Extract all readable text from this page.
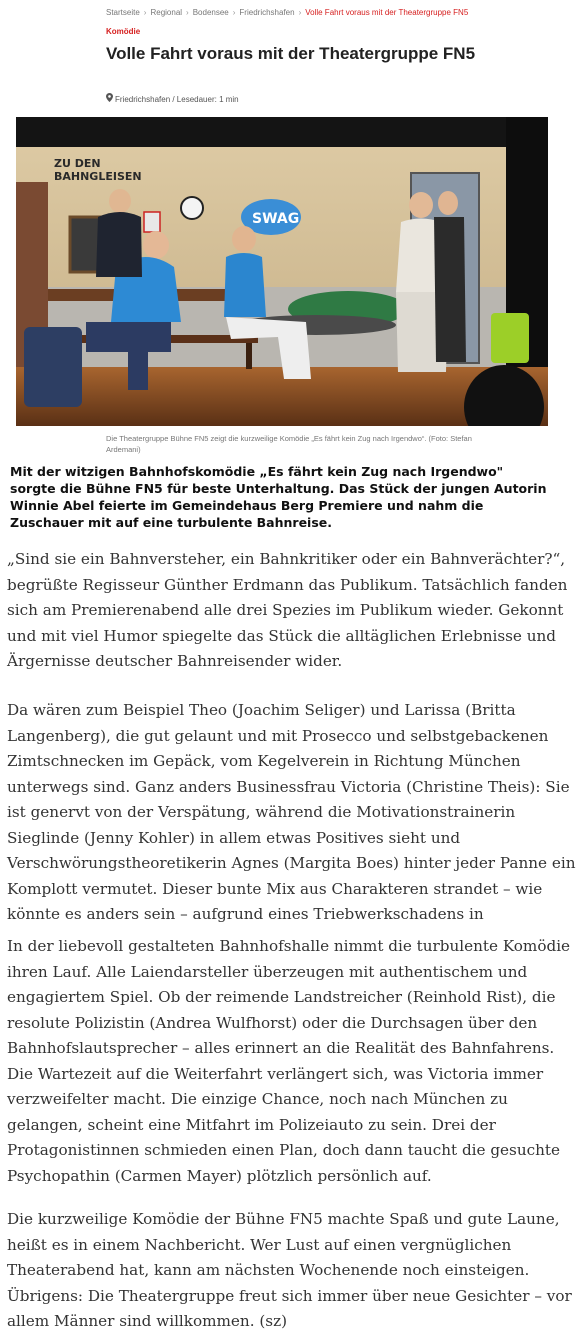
Startseite › Regional › Bodensee › Friedrichshafen › Volle Fahrt voraus mit der Theatergruppe FN5
Komödie
Volle Fahrt voraus mit der Theatergruppe FN5
Friedrichshafen / Lesedauer: 1 min
ZU DEN BAHNGLEISEN
SWAG
Die Theatergruppe Bühne FN5 zeigt die kurzweilige Komödie „Es fährt kein Zug nach Irgendwo“. (Foto: Stefan Ardemani)

Mit der witzigen Bahnhofskomödie „Es fährt kein Zug nach Irgendwo" sorgte die Bühne FN5 für beste Unterhaltung. Das Stück der jungen Autorin Winnie Abel feierte im Gemeindehaus Berg Premiere und nahm die Zuschauer mit auf eine turbulente Bahnreise.

„Sind sie ein Bahnversteher, ein Bahnkritiker oder ein Bahnverächter?“, begrüßte Regisseur Günther Erdmann das Publikum. Tatsächlich fanden sich am Premierenabend alle drei Spezies im Publikum wieder. Gekonnt und mit viel Humor spiegelte das Stück die alltäglichen Erlebnisse und Ärgernisse deutscher Bahnreisender wider.

Da wären zum Beispiel Theo (Joachim Seliger) und Larissa (Britta Langenberg), die gut gelaunt und mit Prosecco und selbstgebackenen Zimtschnecken im Gepäck, vom Kegelverein in Richtung München unterwegs sind. Ganz anders Businessfrau Victoria (Christine Theis): Sie ist genervt von der Verspätung, während die Motivationstrainerin Sieglinde (Jenny Kohler) in allem etwas Positives sieht und Verschwörungstheoretikerin Agnes (Margita Boes) hinter jeder Panne ein Komplott vermutet. Dieser bunte Mix aus Charakteren strandet – wie könnte es anders sein – aufgrund eines Triebwerkschadens in

In der liebevoll gestalteten Bahnhofshalle nimmt die turbulente Komödie ihren Lauf. Alle Laiendarsteller überzeugen mit authentischem und engagiertem Spiel. Ob der reimende Landstreicher (Reinhold Rist), die resolute Polizistin (Andrea Wulfhorst) oder die Durchsagen über den Bahnhofslautsprecher – alles erinnert an die Realität des Bahnfahrens. Die Wartezeit auf die Weiterfahrt verlängert sich, was Victoria immer verzweifelter macht. Die einzige Chance, noch nach München zu gelangen, scheint eine Mitfahrt im Polizeiauto zu sein. Drei der Protagonistinnen schmieden einen Plan, doch dann taucht die gesuchte Psychopathin (Carmen Mayer) plötzlich persönlich auf.

Die kurzweilige Komödie der Bühne FN5 machte Spaß und gute Laune, heißt es in einem Nachbericht. Wer Lust auf einen vergnüglichen Theaterabend hat, kann am nächsten Wochenende noch einsteigen. Übrigens: Die Theatergruppe freut sich immer über neue Gesichter – vor allem Männer sind willkommen. (sz)
